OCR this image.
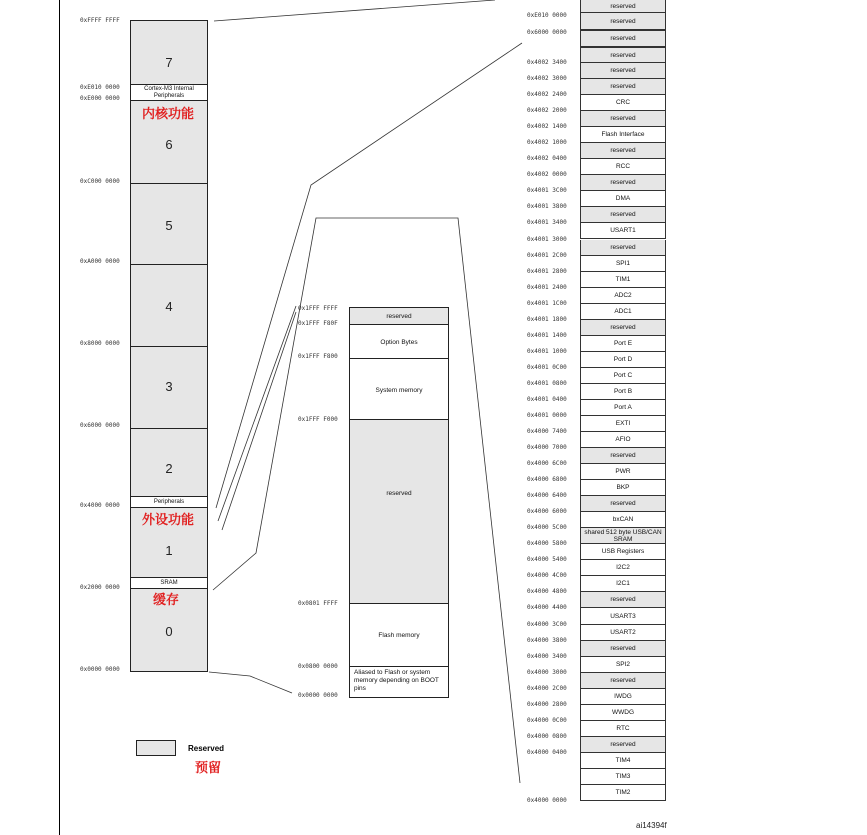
Cortex-M3 Internal Peripherals
Peripherals
SRAM
7
6
5
4
3
2
1
0
0xFFFF FFFF
0xE010 0000
0xE000 0000
0xC000 0000
0xA000 0000
0x8000 0000
0x6000 0000
0x4000 0000
0x2000 0000
0x0000 0000
内核功能
外设功能
缓存
reserved
Option Bytes
System memory
reserved
Flash memory
Aliased to Flash or system memory depending on BOOT pins
0x1FFF FFFF
0x1FFF F80F
0x1FFF F800
0x1FFF F000
0x0801 FFFF
0x0800 0000
0x0000 0000
0xE010 0000
0x6000 0000
reserved
reserved
reserved
reserved
reserved
reserved
CRC
reserved
Flash Interface
reserved
RCC
reserved
DMA
reserved
USART1
reserved
SPI1
TIM1
ADC2
ADC1
reserved
Port E
Port D
Port C
Port B
Port A
EXTI
AFIO
reserved
PWR
BKP
reserved
bxCAN
shared 512 byte USB/CAN SRAM
USB Registers
I2C2
I2C1
reserved
USART3
USART2
reserved
SPI2
reserved
IWDG
WWDG
RTC
reserved
TIM4
TIM3
TIM2
0x4002 3400
0x4002 3000
0x4002 2400
0x4002 2000
0x4002 1400
0x4002 1000
0x4002 0400
0x4002 0000
0x4001 3C00
0x4001 3800
0x4001 3400
0x4001 3000
0x4001 2C00
0x4001 2800
0x4001 2400
0x4001 1C00
0x4001 1800
0x4001 1400
0x4001 1000
0x4001 0C00
0x4001 0800
0x4001 0400
0x4001 0000
0x4000 7400
0x4000 7000
0x4000 6C00
0x4000 6800
0x4000 6400
0x4000 6000
0x4000 5C00
0x4000 5800
0x4000 5400
0x4000 4C00
0x4000 4800
0x4000 4400
0x4000 3C00
0x4000 3800
0x4000 3400
0x4000 3000
0x4000 2C00
0x4000 2800
0x4000 0C00
0x4000 0800
0x4000 0400
0x4000 0000
Reserved
预留
ai14394f
